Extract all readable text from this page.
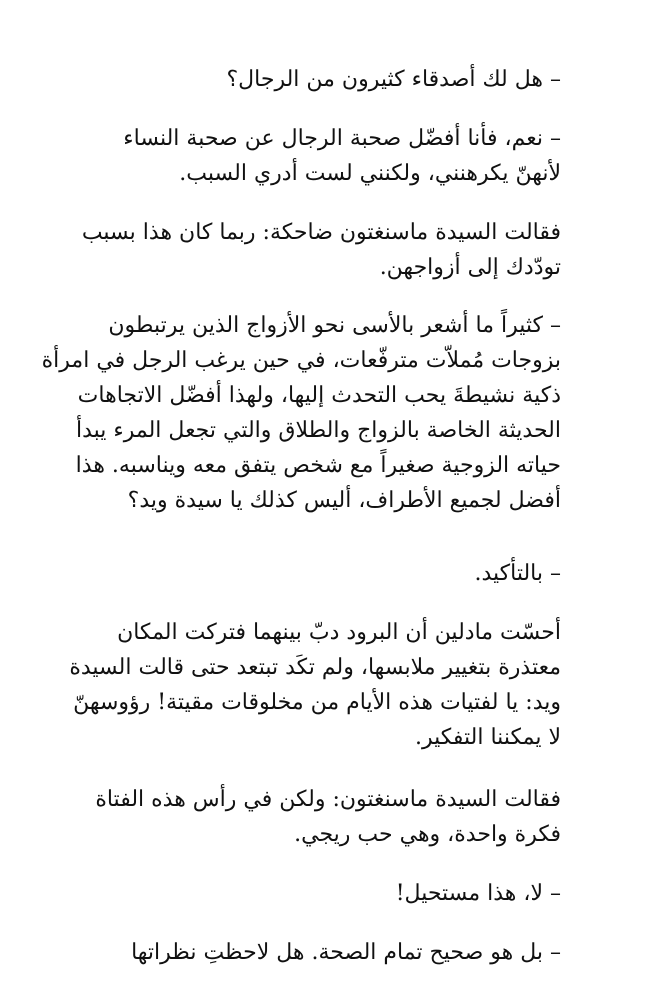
– هل لك أصدقاء كثيرون من الرجال؟

– نعم، فأنا أفضّل صحبة الرجال عن صحبة النساء
لأنهنّ يكرهنني، ولكنني لست أدري السبب.

فقالت السيدة ماسنغتون ضاحكة: ربما كان هذا بسبب
تودّدك إلى أزواجهن.

– كثيراً ما أشعر بالأسى نحو الأزواج الذين يرتبطون
بزوجات مُملاّت مترفّعات، في حين يرغب الرجل في امرأة
ذكية نشيطةَ يحب التحدث إليها، ولهذا أفضّل الاتجاهات
الحديثة الخاصة بالزواج والطلاق والتي تجعل المرء يبدأ
حياته الزوجية صغيراً مع شخص يتفق معه ويناسبه. هذا
أفضل لجميع الأطراف، أليس كذلك يا سيدة ويد؟

– بالتأكيد.

أحسّت مادلين أن البرود دبّ بينهما فتركت المكان
معتذرة بتغيير ملابسها، ولم تكَد تبتعد حتى قالت السيدة
ويد: يا لفتيات هذه الأيام من مخلوقات مقيتة! رؤوسهنّ
لا يمكننا التفكير.

فقالت السيدة ماسنغتون: ولكن في رأس هذه الفتاة
فكرة واحدة، وهي حب ريجي.

– لا، هذا مستحيل!

– بل هو صحيح تمام الصحة. هل لاحظتِ نظراتها
